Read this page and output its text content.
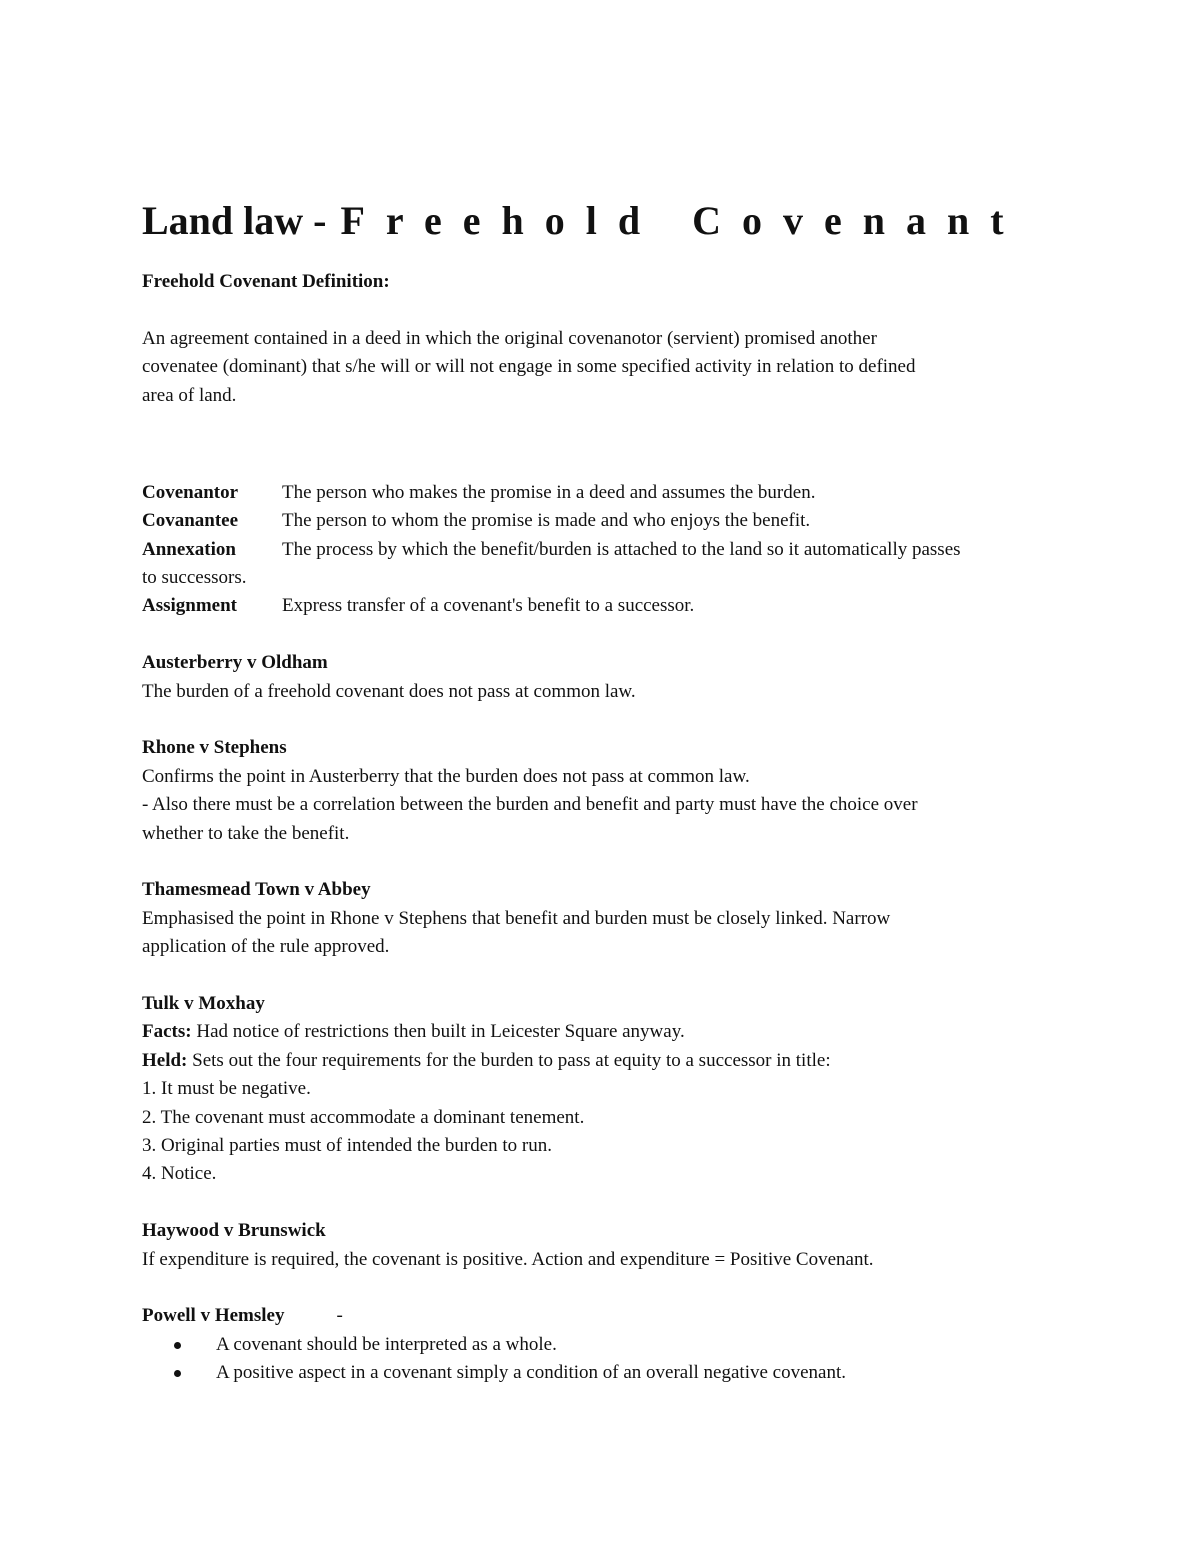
Land law - Freehold Covenant

Freehold Covenant Definition:

An agreement contained in a deed in which the original covenanotor (servient) promised another

covenatee (dominant) that s/he will or will not engage in some specified activity in relation to defined

area of land.

Covenantor	The person who makes the promise in a deed and assumes the burden.
Covanantee	The person to whom the promise is made and who enjoys the benefit.
Annexation	The process by which the benefit/burden is attached to the land so it automatically passes

to successors.

Assignment	Express transfer of a covenant's benefit to a successor.

Austerberry v Oldham

The burden of a freehold covenant does not pass at common law.

Rhone v Stephens

Confirms the point in Austerberry that the burden does not pass at common law.

- Also there must be a correlation between the burden and benefit and party must have the choice over

whether to take the benefit.

Thamesmead Town v Abbey

Emphasised the point in Rhone v Stephens that benefit and burden must be closely linked. Narrow

application of the rule approved.

Tulk v Moxhay

Facts: Had notice of restrictions then built in Leicester Square anyway.

Held: Sets out the four requirements for the burden to pass at equity to a successor in title:

1. It must be negative.

2. The covenant must accommodate a dominant tenement.

3. Original parties must of intended the burden to run.

4. Notice.

Haywood v Brunswick

If expenditure is required, the covenant is positive. Action and expenditure = Positive Covenant.

Powell v Hemsley	-

A covenant should be interpreted as a whole.
A positive aspect in a covenant simply a condition of an overall negative covenant.
